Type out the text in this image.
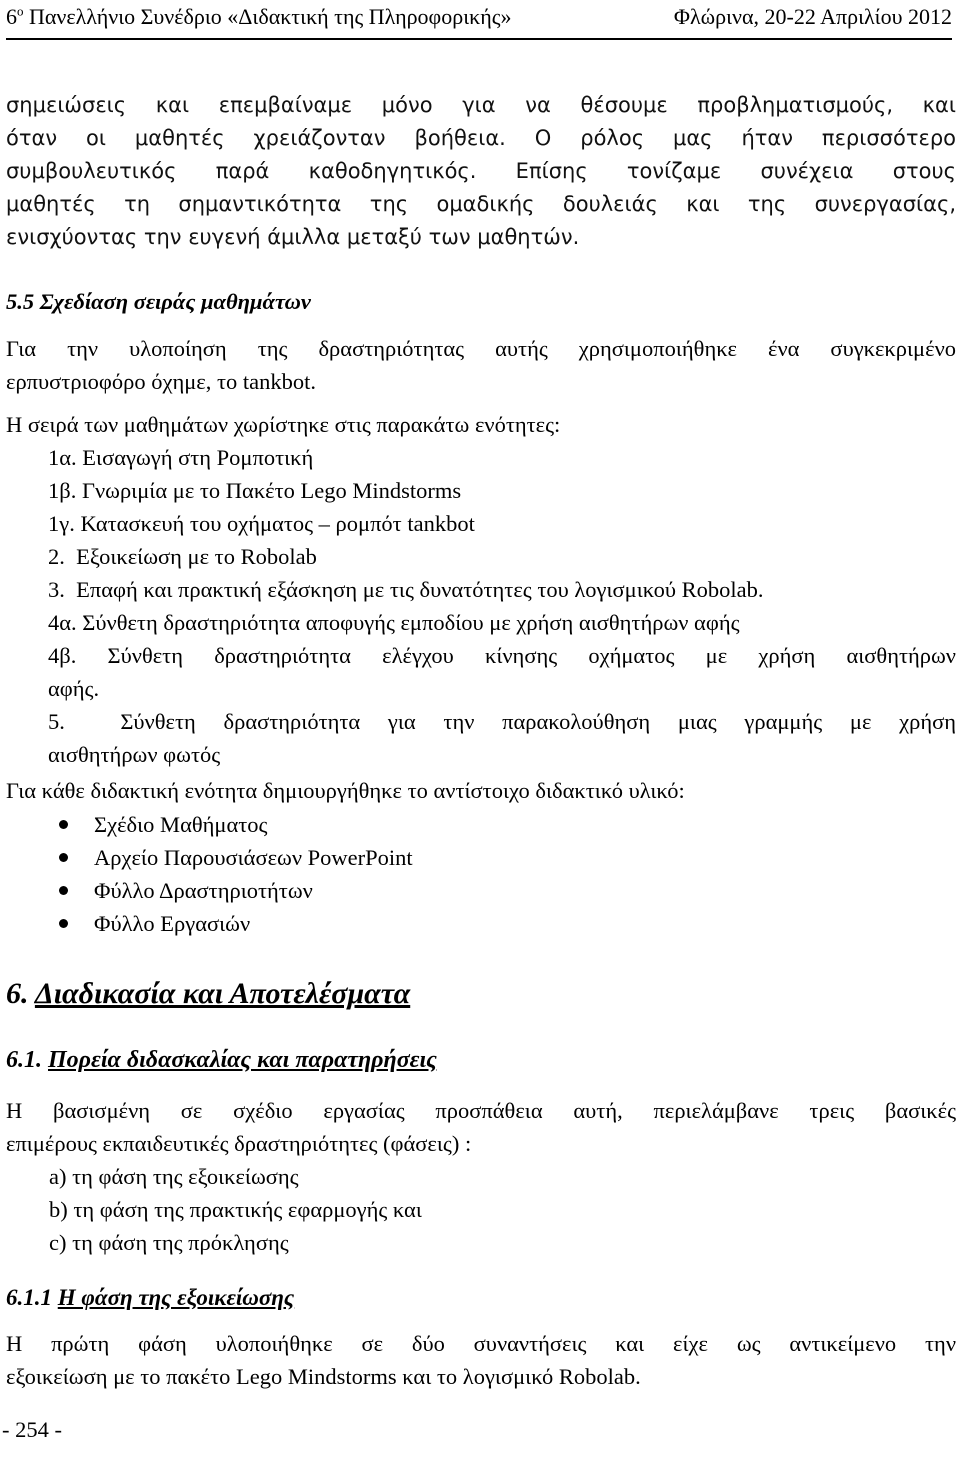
$6^o$ Πανελλήνιο Συνέδριο «Διδακτική της Πληροφορικής»	Φλώρινα, 20-22 Απριλίου 2012
σημειώσεις και επεμβαίναμε μόνο για να θέσουμε προβληματισμούς, και
όταν οι μαθητές χρειάζονταν βοήθεια. Ο ρόλος μας ήταν περισσότερο
συμβουλευτικός παρά καθοδηγητικός. Επίσης τονίζαμε συνέχεια στους
μαθητές τη σημαντικότητα της ομαδικής δουλειάς και της συνεργασίας,
ενισχύοντας την ευγενή άμιλλα μεταξύ των μαθητών.
5.5 Σχεδίαση σειράς μαθημάτων
Για την υλοποίηση της δραστηριότητας αυτής χρησιμοποιήθηκε ένα συγκεκριμένο
ερπυστριοφόρο όχημε, το tankbot.
Η σειρά των μαθημάτων χωρίστηκε στις παρακάτω ενότητες:
1α. Εισαγωγή στη Ρομποτική
1β. Γνωριμία με το Πακέτο Lego Mindstorms
1γ. Κατασκευή του οχήματος – ρομπότ tankbot
2.  Εξοικείωση με το Robolab
3.  Επαφή και πρακτική εξάσκηση με τις δυνατότητες του λογισμικού Robolab.
4α. Σύνθετη δραστηριότητα αποφυγής εμποδίου με χρήση αισθητήρων αφής
4β. Σύνθετη δραστηριότητα ελέγχου κίνησης οχήματος με χρήση αισθητήρων
αφής.
5.  Σύνθετη δραστηριότητα για την παρακολούθηση μιας γραμμής με χρήση
αισθητήρων φωτός
Για κάθε διδακτική ενότητα δημιουργήθηκε το αντίστοιχο διδακτικό υλικό:
Σχέδιο Μαθήματος
Αρχείο Παρουσιάσεων PowerPoint
Φύλλο Δραστηριοτήτων
Φύλλο Εργασιών
6. Διαδικασία και Αποτελέσματα
6.1. Πορεία διδασκαλίας και παρατηρήσεις
Η βασισμένη σε σχέδιο εργασίας προσπάθεια αυτή, περιελάμβανε τρεις βασικές
επιμέρους εκπαιδευτικές δραστηριότητες (φάσεις) :
a) τη φάση της εξοικείωσης
b) τη φάση της πρακτικής εφαρμογής και
c) τη φάση της πρόκλησης
6.1.1 Η φάση της εξοικείωσης
Η πρώτη φάση υλοποιήθηκε σε δύο συναντήσεις και είχε ως αντικείμενο την
εξοικείωση με το πακέτο Lego Mindstorms και το λογισμικό Robolab.
- 254 -
